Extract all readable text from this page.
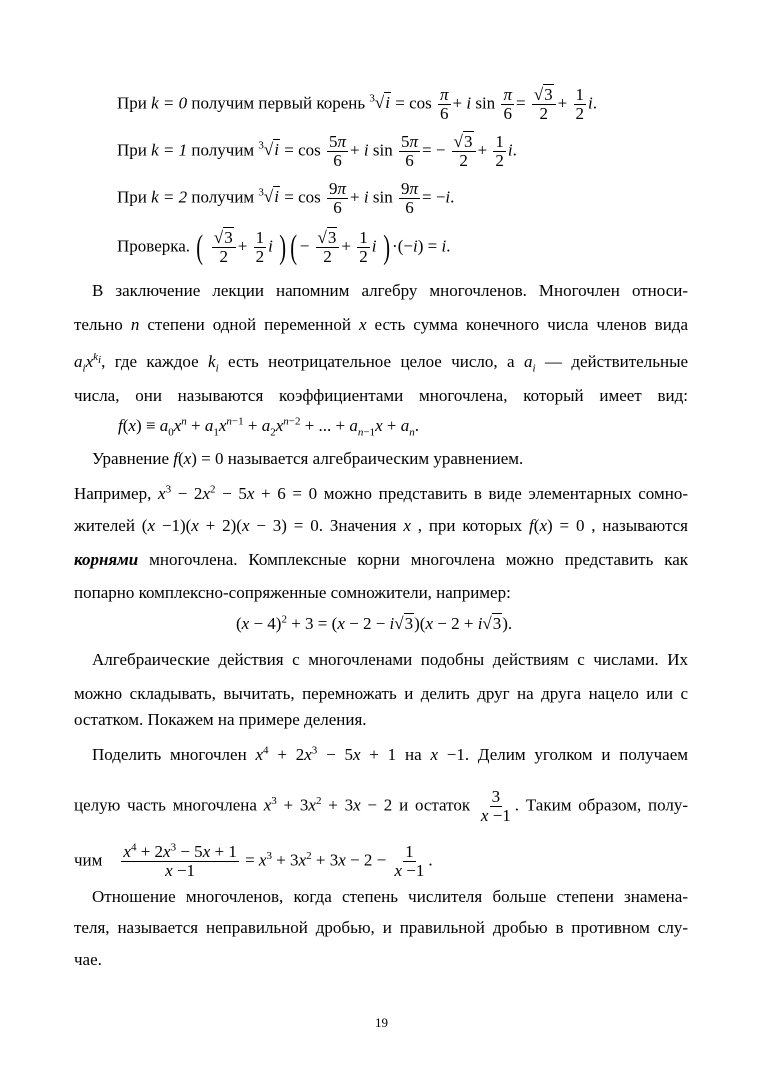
При k = 0 получим первый корень $^3√i = \cos \frac{\pi}{6} + i$ $\sin \frac{\pi}{6} = \frac{√3}{2} + \frac{1}{2} i$.
При k = 1 получим $^3√i = \cos \frac{5\pi}{6} + i$ $\sin \frac{5\pi}{6}$ = − $\frac{√3}{2} + \frac{1}{2} i$.
При k = 2 получим $^3√i = \cos \frac{9\pi}{6} + i$ $\sin \frac{9\pi}{6} = -i$.
Проверка. ( $\frac{√3}{2} + \frac{1}{2}$ i ) ( − $\frac{√3}{2} + \frac{1}{2}$ i ) ·(−i) = i.
В заключение лекции напомним алгебру многочленов. Многочлен относи-
тельно n степени одной переменной x есть сумма конечного числа членов вида
$a_ix^{k_i}$, где каждое $k_i$ есть неотрицательное целое число, а $a_i$ — действительные
числа, они называются коэффициентами многочлена, который имеет вид:
$f(x) \equiv a_0x^n + a_1x^{n-1} + a_2x^{n-2}$ + ... + $a_{n-1}x + a_n$.
Уравнение f(x) = 0 называется алгебраическим уравнением.
Например, $x^3 - 2x^2 - 5x + 6 = 0$ можно представить в виде элементарных сомно-
жителей (x −1)(x + 2)(x − 3) = 0. Значения x , при которых f(x) = 0 , называются
корнями многочлена. Комплексные корни многочлена можно представить как
попарно комплексно-сопряженные сомножители, например:
$(x - 4)^2 + 3 = (x - 2 - i√3)(x - 2 + i√3)$.
Алгебраические действия с многочленами подобны действиям с числами. Их
можно складывать, вычитать, перемножать и делить друг на друга нацело или с
остатком. Покажем на примере деления.
Поделить многочлен $x^4 + 2x^3 - 5x + 1$ на x −1. Делим уголком и получаем
целую часть многочлена $x^3 + 3x^2 + 3x - 2$ и остаток $\frac{3}{x -1}$ . Таким образом, полу-
чим $\frac{x^4 + 2x^3 - 5x + 1}{x -1} = x^3 + 3x^2 + 3x - 2 - \frac{1}{x -1}$ .
Отношение многочленов, когда степень числителя больше степени знамена-
теля, называется неправильной дробью, и правильной дробью в противном слу-
чае.
19
